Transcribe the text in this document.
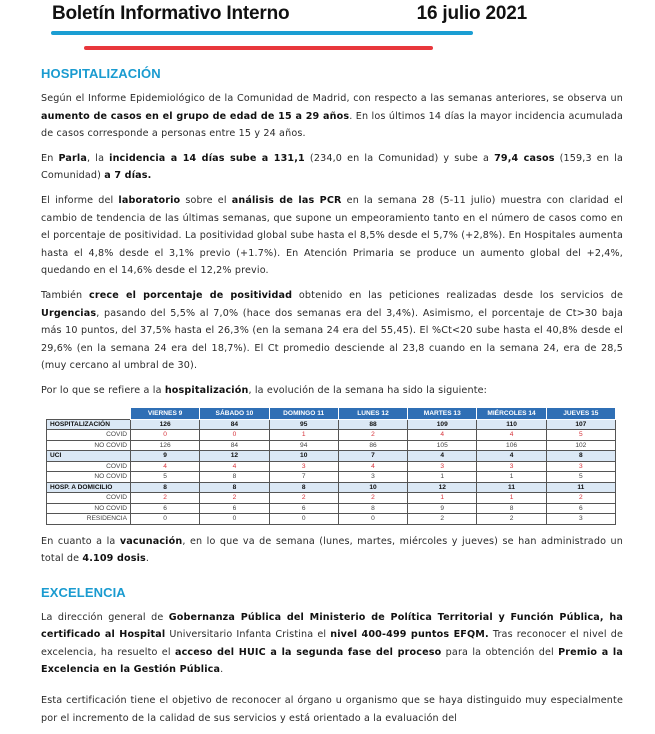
Boletín Informativo Interno	16 julio 2021
HOSPITALIZACIÓN

Según el Informe Epidemiológico de la Comunidad de Madrid, con respecto a las semanas anteriores, se observa un aumento de casos en el grupo de edad de 15 a 29 años. En los últimos 14 días la mayor incidencia acumulada de casos corresponde a personas entre 15 y 24 años.

En Parla, la incidencia a 14 días sube a 131,1 (234,0 en la Comunidad) y sube a 79,4 casos (159,3 en la Comunidad) a 7 días.

El informe del laboratorio sobre el análisis de las PCR en la semana 28 (5-11 julio) muestra con claridad el cambio de tendencia de las últimas semanas, que supone un empeoramiento tanto en el número de casos como en el porcentaje de positividad. La positividad global sube hasta el 8,5% desde el 5,7% (+2,8%). En Hospitales aumenta hasta el 4,8% desde el 3,1% previo (+1.7%). En Atención Primaria se produce un aumento global del +2,4%, quedando en el 14,6% desde el 12,2% previo.

También crece el porcentaje de positividad obtenido en las peticiones realizadas desde los servicios de Urgencias, pasando del 5,5% al 7,0% (hace dos semanas era del 3,4%). Asimismo, el porcentaje de Ct>30 baja más 10 puntos, del 37,5% hasta el 26,3% (en la semana 24 era del 55,45). El %Ct<20 sube hasta el 40,8% desde el 29,6% (en la semana 24 era del 18,7%). El Ct promedio desciende al 23,8 cuando en la semana 24, era de 28,5 (muy cercano al umbral de 30).

Por lo que se refiere a la hospitalización, la evolución de la semana ha sido la siguiente:

	VIERNES 9	SÁBADO 10	DOMINGO 11	LUNES 12	MARTES 13	MIÉRCOLES 14	JUEVES 15
HOSPITALIZACIÓN	126	84	95	88	109	110	107
COVID	0	0	1	2	4	4	5
NO COVID	126	84	94	86	105	106	102
UCI	9	12	10	7	4	4	8
COVID	4	4	3	4	3	3	3
NO COVID	5	8	7	3	1	1	5
HOSP. A DOMICILIO	8	8	8	10	12	11	11
COVID	2	2	2	2	1	1	2
NO COVID	6	6	6	8	9	8	6
RESIDENCIA	0	0	0	0	2	2	3

En cuanto a la vacunación, en lo que va de semana (lunes, martes, miércoles y jueves) se han administrado un total de 4.109 dosis.

EXCELENCIA

La dirección general de Gobernanza Pública del Ministerio de Política Territorial y Función Pública, ha certificado al Hospital Universitario Infanta Cristina el nivel 400-499 puntos EFQM. Tras reconocer el nivel de excelencia, ha resuelto el acceso del HUIC a la segunda fase del proceso para la obtención del Premio a la Excelencia en la Gestión Pública.

Esta certificación tiene el objetivo de reconocer al órgano u organismo que se haya distinguido muy especialmente por el incremento de la calidad de sus servicios y está orientado a la evaluación del
